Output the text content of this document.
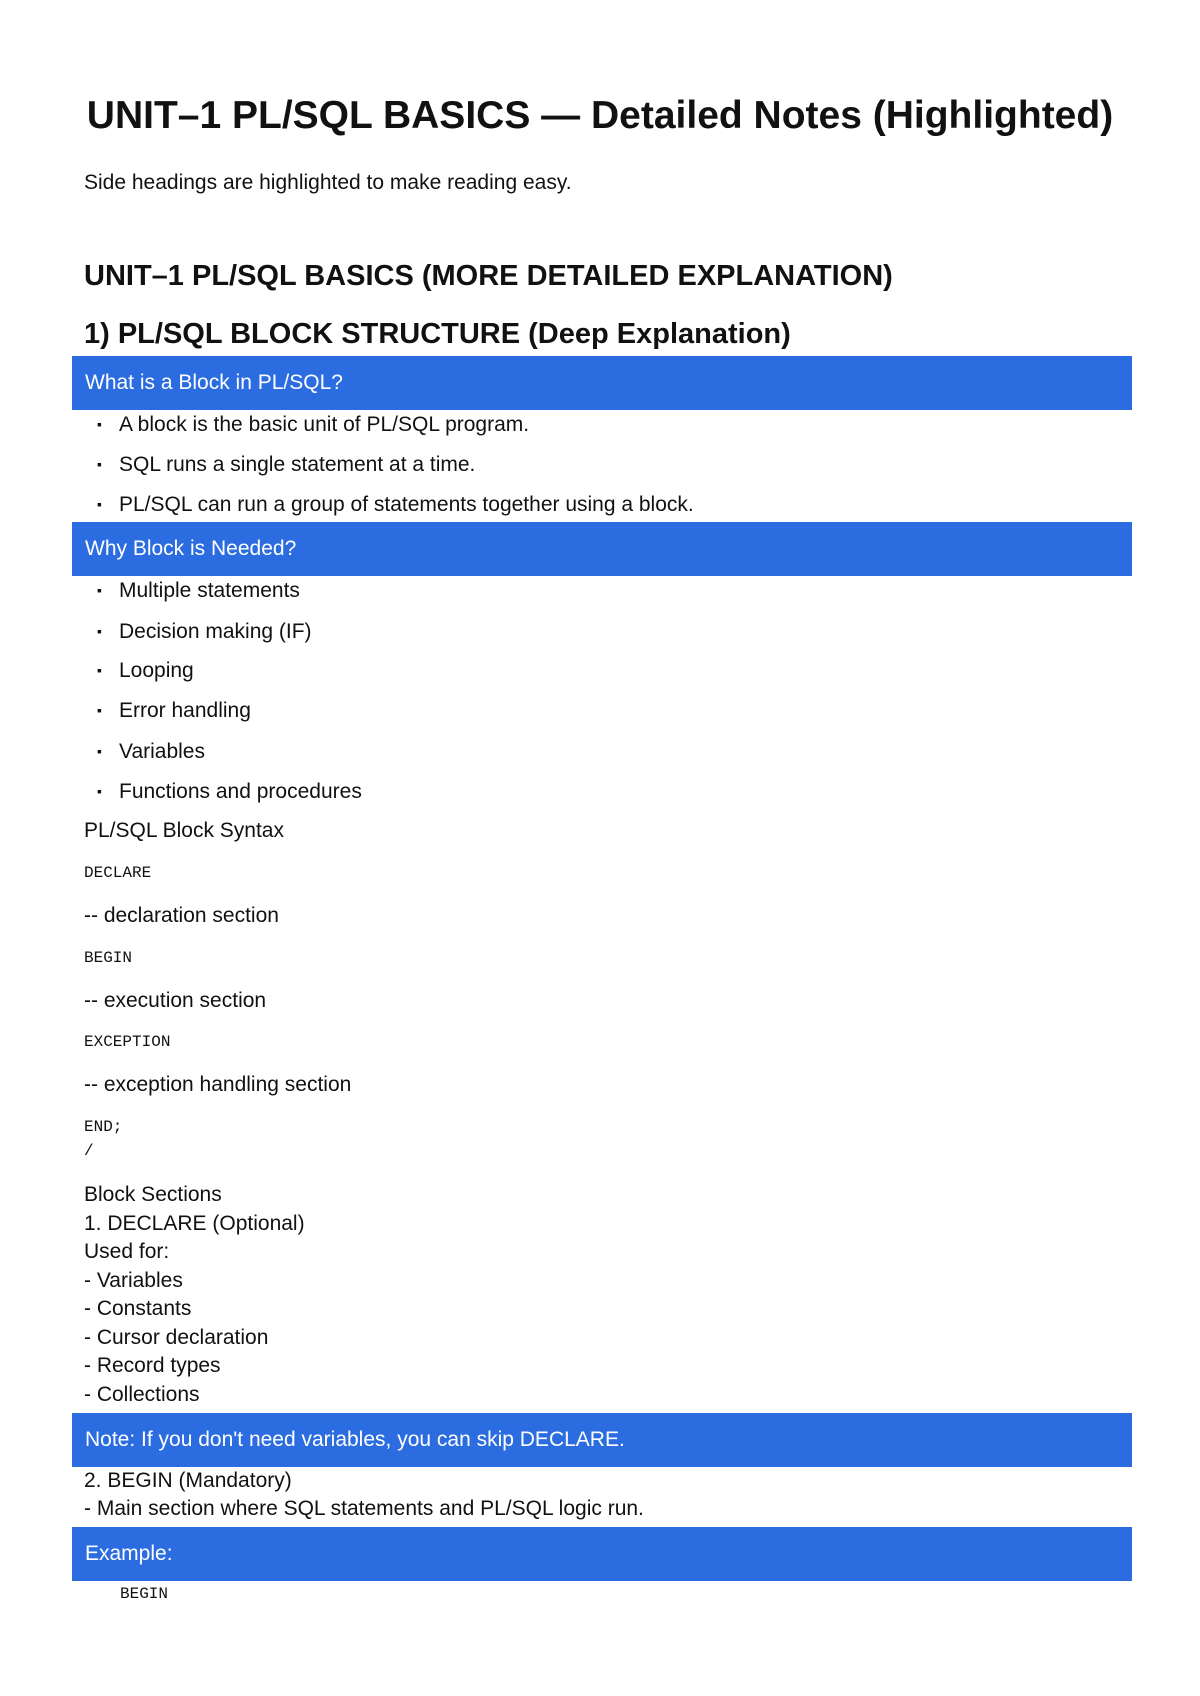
UNIT–1 PL/SQL BASICS — Detailed Notes (Highlighted)

Side headings are highlighted to make reading easy.

UNIT–1 PL/SQL BASICS (MORE DETAILED EXPLANATION)
1) PL/SQL BLOCK STRUCTURE (Deep Explanation)
What is a Block in PL/SQL?
▪ A block is the basic unit of PL/SQL program.
▪ SQL runs a single statement at a time.
▪ PL/SQL can run a group of statements together using a block.
Why Block is Needed?
▪ Multiple statements
▪ Decision making (IF)
▪ Looping
▪ Error handling
▪ Variables
▪ Functions and procedures
PL/SQL Block Syntax
DECLARE
-- declaration section
BEGIN
-- execution section
EXCEPTION
-- exception handling section
END;
/
Block Sections
1. DECLARE (Optional)
Used for:
- Variables
- Constants
- Cursor declaration
- Record types
- Collections
Note: If you don't need variables, you can skip DECLARE.
2. BEGIN (Mandatory)
- Main section where SQL statements and PL/SQL logic run.
Example:
BEGIN
